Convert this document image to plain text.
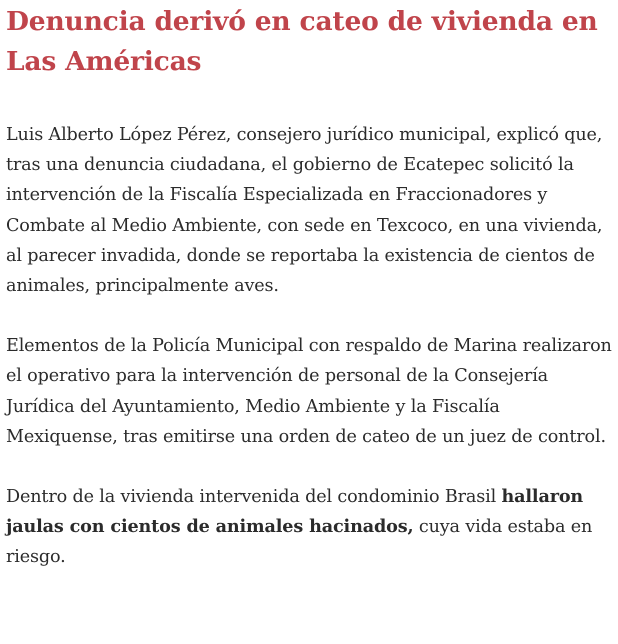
Denuncia derivó en cateo de vivienda en Las Américas

Luis Alberto López Pérez, consejero jurídico municipal, explicó que, tras una denuncia ciudadana, el gobierno de Ecatepec solicitó la intervención de la Fiscalía Especializada en Fraccionadores y Combate al Medio Ambiente, con sede en Texcoco, en una vivienda, al parecer invadida, donde se reportaba la existencia de cientos de animales, principalmente aves.

Elementos de la Policía Municipal con respaldo de Marina realizaron el operativo para la intervención de personal de la Consejería Jurídica del Ayuntamiento, Medio Ambiente y la Fiscalía Mexiquense, tras emitirse una orden de cateo de un juez de control.

Dentro de la vivienda intervenida del condominio Brasil hallaron jaulas con cientos de animales hacinados, cuya vida estaba en riesgo.
